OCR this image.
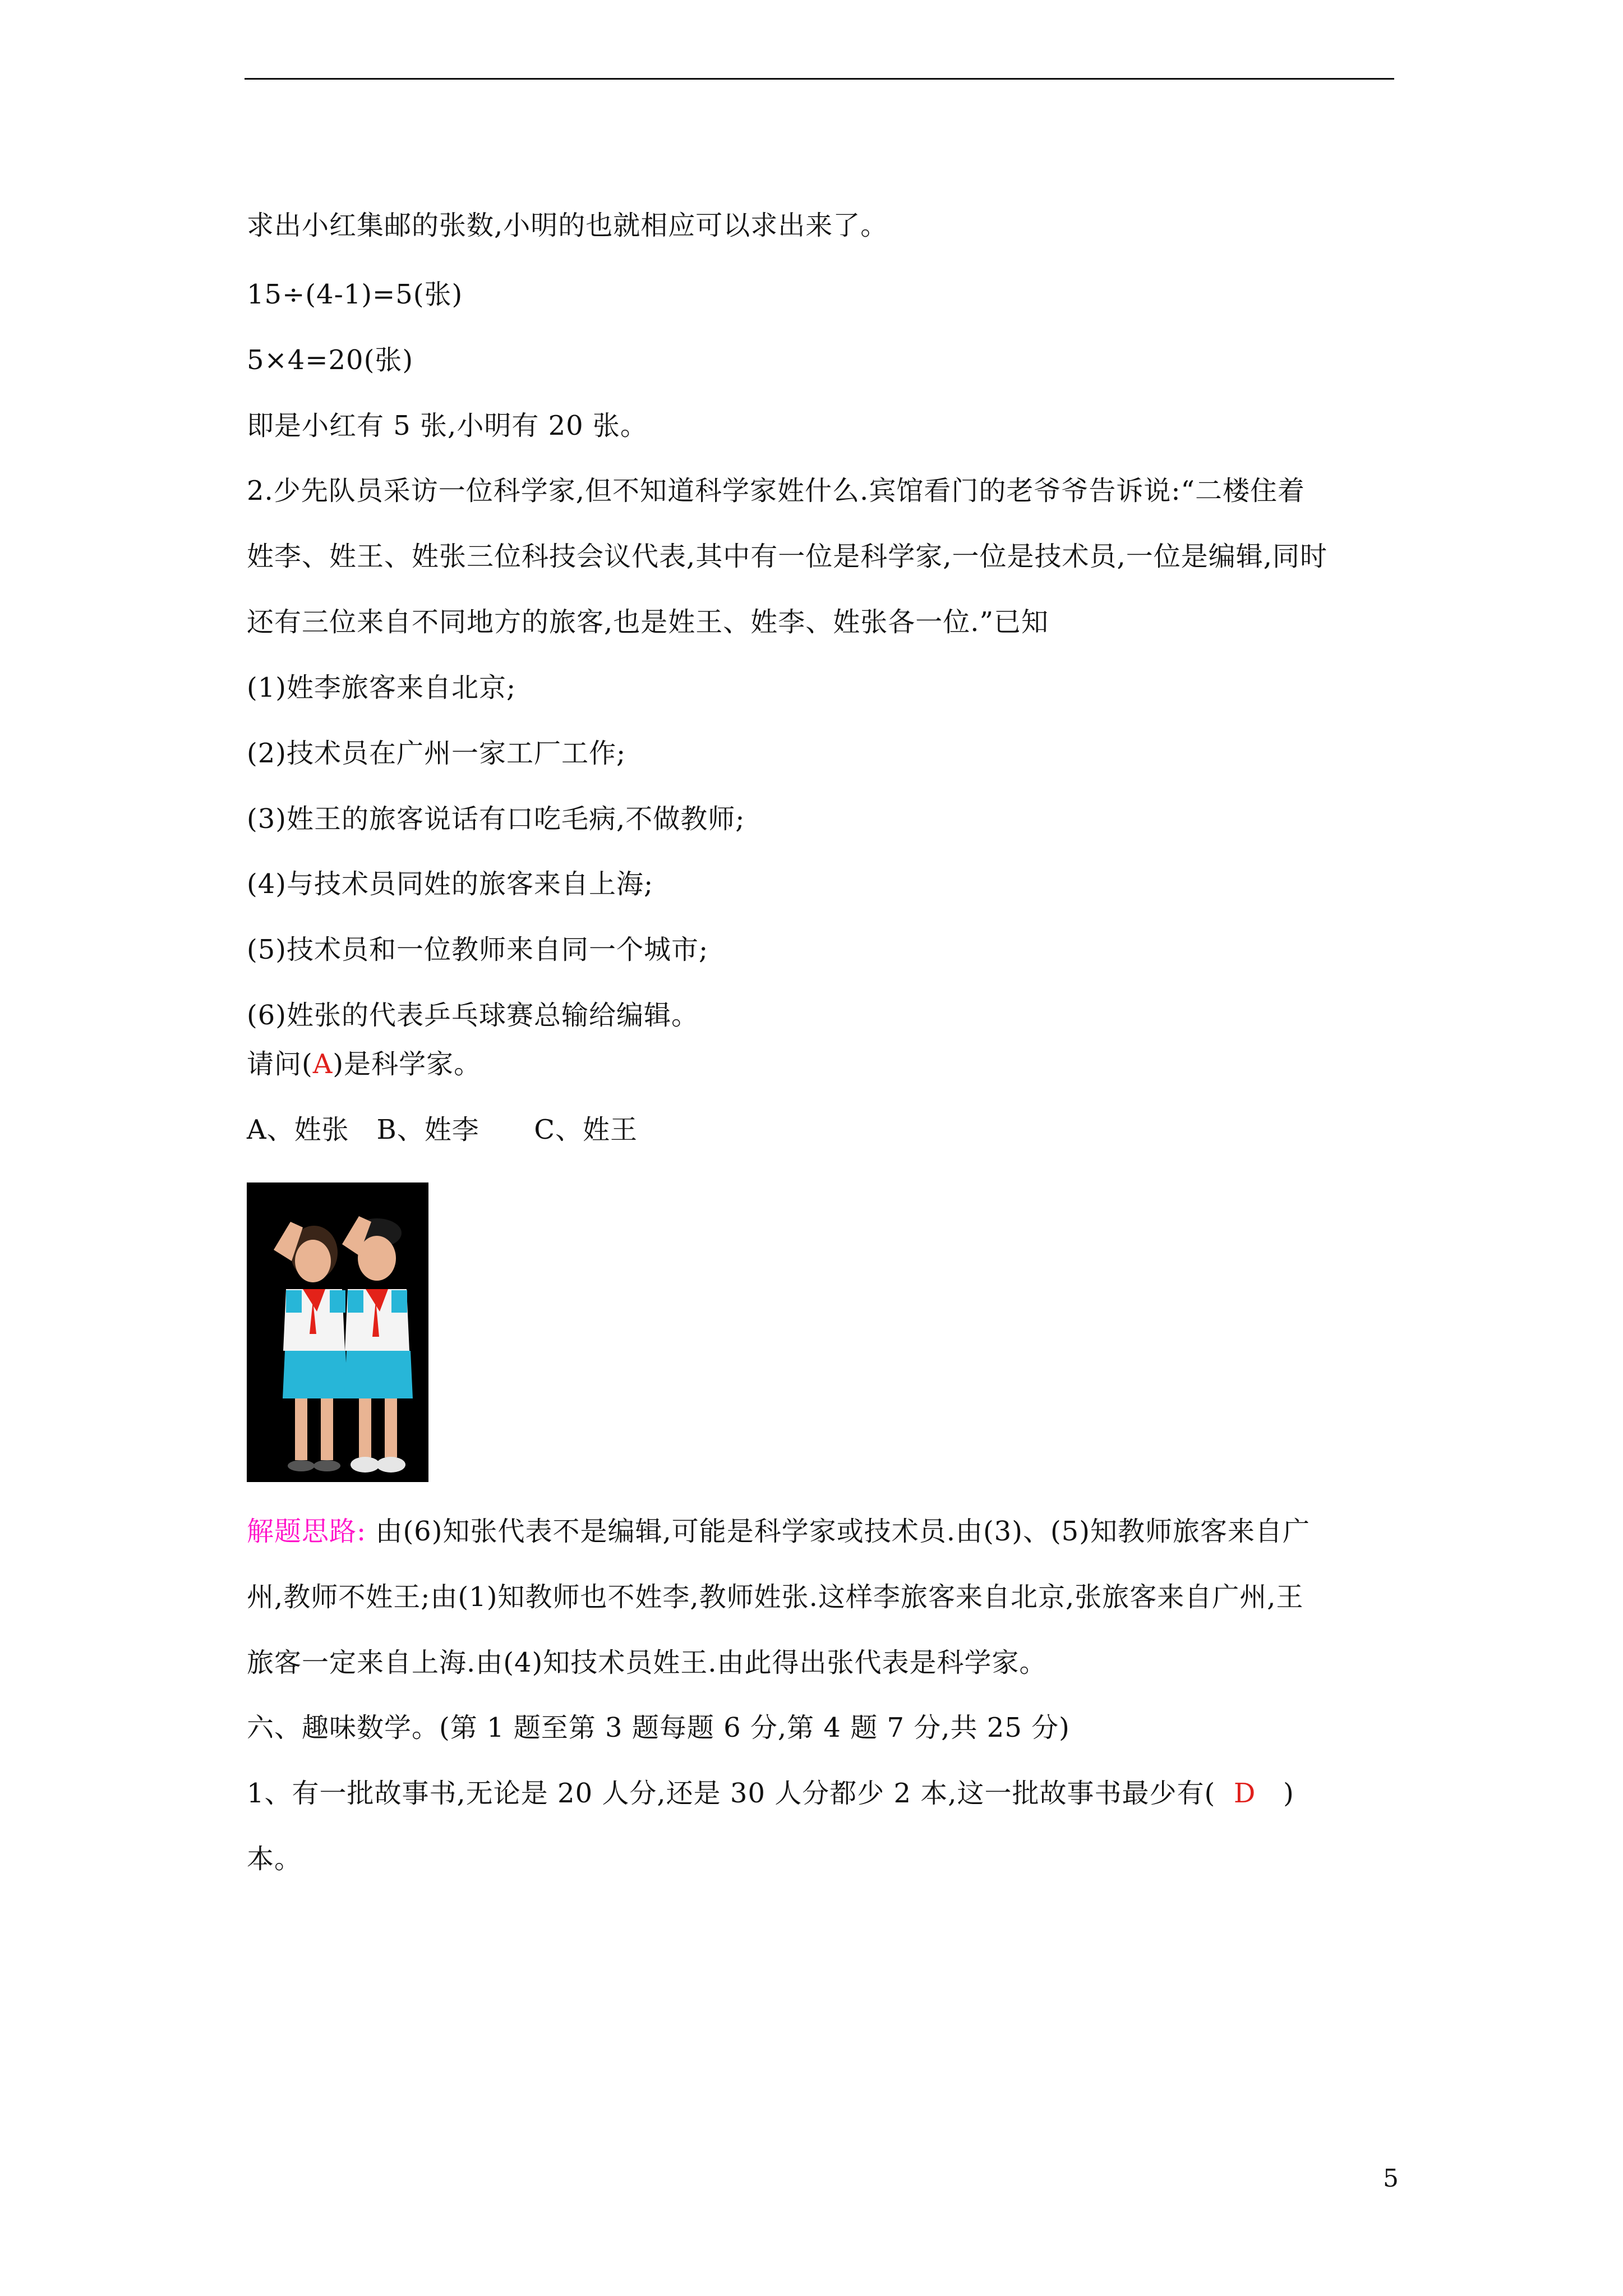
求出小红集邮的张数,小明的也就相应可以求出来了。
15÷(4-1)=5(张)
5×4=20(张)
即是小红有 5 张,小明有 20 张。
2.少先队员采访一位科学家,但不知道科学家姓什么.宾馆看门的老爷爷告诉说:“二楼住着
姓李、姓王、姓张三位科技会议代表,其中有一位是科学家,一位是技术员,一位是编辑,同时
还有三位来自不同地方的旅客,也是姓王、姓李、姓张各一位.”已知
(1)姓李旅客来自北京;
(2)技术员在广州一家工厂工作;
(3)姓王的旅客说话有口吃毛病,不做教师;
(4)与技术员同姓的旅客来自上海;
(5)技术员和一位教师来自同一个城市;
(6)姓张的代表乒乓球赛总输给编辑。
请问(A)是科学家。
A、姓张   B、姓李      C、姓王
解题思路: 由(6)知张代表不是编辑,可能是科学家或技术员.由(3)、(5)知教师旅客来自广
州,教师不姓王;由(1)知教师也不姓李,教师姓张.这样李旅客来自北京,张旅客来自广州,王
旅客一定来自上海.由(4)知技术员姓王.由此得出张代表是科学家。
六、趣味数学。(第 1 题至第 3 题每题 6 分,第 4 题 7 分,共 25 分)
1、有一批故事书,无论是 20 人分,还是 30 人分都少 2 本,这一批故事书最少有(  D   )
本。
5
